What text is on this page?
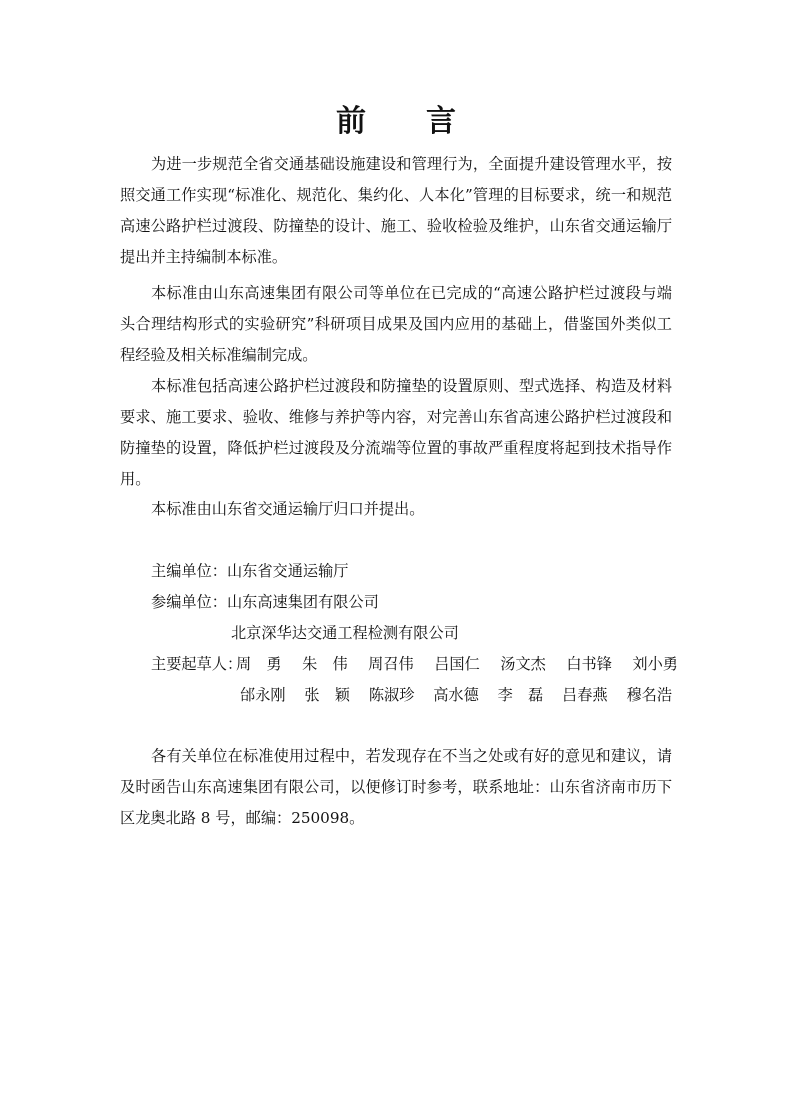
前 言

为进一步规范全省交通基础设施建设和管理行为，全面提升建设管理水平，按照交通工作实现“标准化、规范化、集约化、人本化”管理的目标要求，统一和规范高速公路护栏过渡段、防撞垫的设计、施工、验收检验及维护，山东省交通运输厅提出并主持编制本标准。

本标准由山东高速集团有限公司等单位在已完成的“高速公路护栏过渡段与端头合理结构形式的实验研究”科研项目成果及国内应用的基础上，借鉴国外类似工程经验及相关标准编制完成。

本标准包括高速公路护栏过渡段和防撞垫的设置原则、型式选择、构造及材料要求、施工要求、验收、维修与养护等内容，对完善山东省高速公路护栏过渡段和防撞垫的设置，降低护栏过渡段及分流端等位置的事故严重程度将起到技术指导作用。

本标准由山东省交通运输厅归口并提出。

主编单位：山东省交通运输厅
参编单位：山东高速集团有限公司
北京深华达交通工程检测有限公司
主要起草人：
周　勇 朱　伟 周召伟 吕国仁 汤文杰 白书锋 刘小勇
邰永刚 张　颖 陈淑珍 高水德 李　磊 吕春燕 穆名浩

各有关单位在标准使用过程中，若发现存在不当之处或有好的意见和建议，请及时函告山东高速集团有限公司，以便修订时参考，联系地址：山东省济南市历下区龙奥北路 8 号，邮编：250098。
